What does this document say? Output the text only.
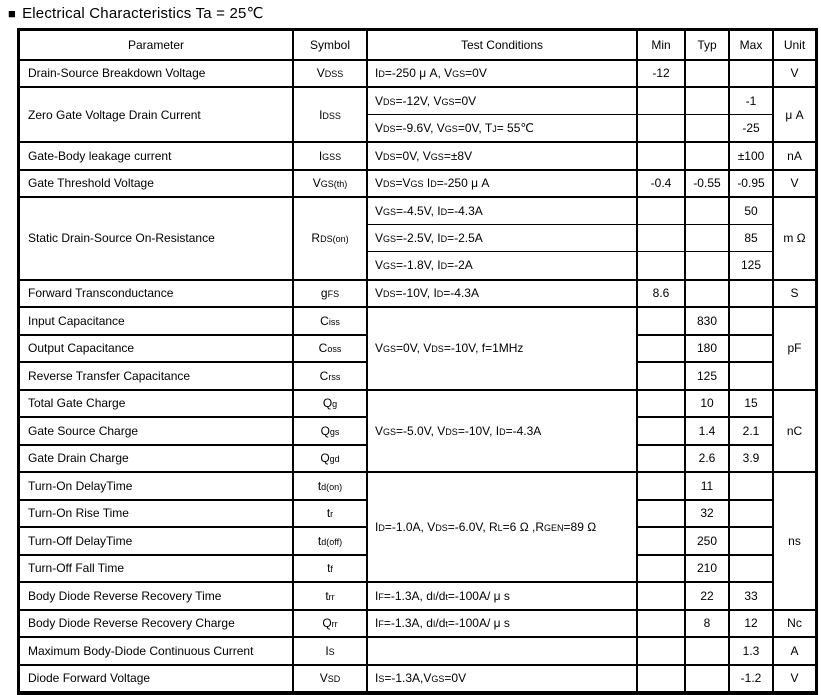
■ Electrical Characteristics Ta = 25℃
Parameter	Symbol	Test Conditions	Min	Typ	Max	Unit
Drain-Source Breakdown Voltage	VDSS	ID=-250 μ A, VGS=0V	-12			V
Zero Gate Voltage Drain Current	IDSS	VDS=-12V, VGS=0V			-1	μ A
		VDS=-9.6V, VGS=0V, TJ= 55℃			-25	
Gate-Body leakage current	IGSS	VDS=0V, VGS=±8V			±100	nA
Gate Threshold Voltage	VGS(th)	VDS=VGS ID=-250 μ A	-0.4	-0.55	-0.95	V
Static Drain-Source On-Resistance	RDS(on)	VGS=-4.5V, ID=-4.3A			50	m Ω
		VGS=-2.5V, ID=-2.5A			85	
		VGS=-1.8V, ID=-2A			125	
Forward Transconductance	gFS	VDS=-10V, ID=-4.3A	8.6			S
Input Capacitance	Ciss	VGS=0V, VDS=-10V, f=1MHz		830		pF
Output Capacitance	Coss			180		
Reverse Transfer Capacitance	Crss			125		
Total Gate Charge	Qg	VGS=-5.0V, VDS=-10V, ID=-4.3A		10	15	nC
Gate Source Charge	Qgs			1.4	2.1	
Gate Drain Charge	Qgd			2.6	3.9	
Turn-On DelayTime	td(on)	ID=-1.0A, VDS=-6.0V, RL=6 Ω ,RGEN=89 Ω		11		ns
Turn-On Rise Time	tr			32		
Turn-Off DelayTime	td(off)			250		
Turn-Off Fall Time	tf			210		
Body Diode Reverse Recovery Time	trr	IF=-1.3A, dI/dt=-100A/ μ s		22	33	
Body Diode Reverse Recovery Charge	Qrr	IF=-1.3A, dI/dt=-100A/ μ s		8	12	Nc
Maximum Body-Diode Continuous Current	IS				1.3	A
Diode Forward Voltage	VSD	IS=-1.3A,VGS=0V			-1.2	V
